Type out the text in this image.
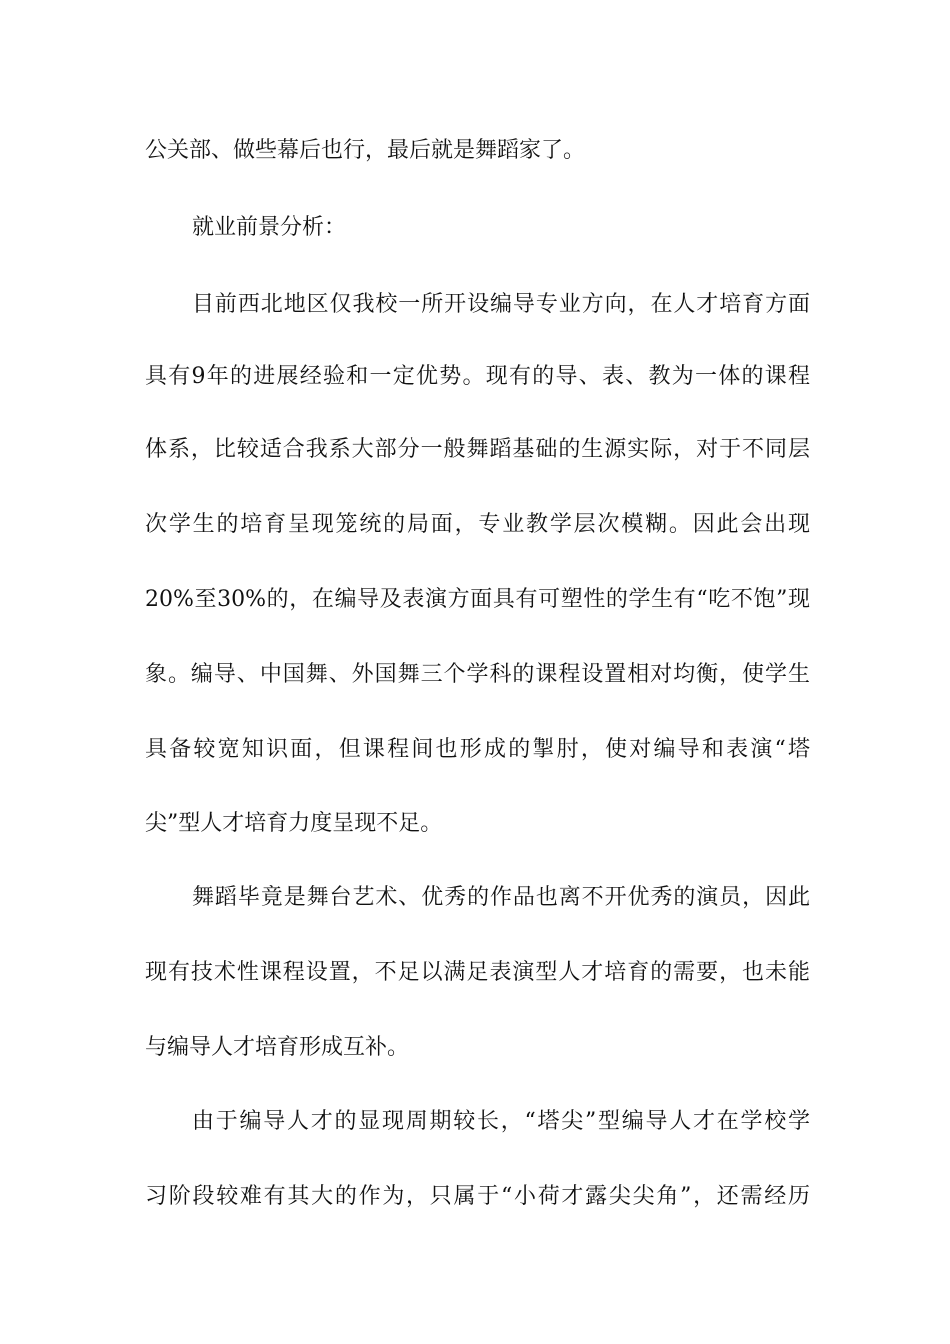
公关部、做些幕后也行，最后就是舞蹈家了。
就业前景分析：
目前西北地区仅我校一所开设编导专业方向，在人才培育方面
具有9年的进展经验和一定优势。现有的导、表、教为一体的课程
体系，比较适合我系大部分一般舞蹈基础的生源实际，对于不同层
次学生的培育呈现笼统的局面，专业教学层次模糊。因此会出现
20%至30%的，在编导及表演方面具有可塑性的学生有“吃不饱”现
象。编导、中国舞、外国舞三个学科的课程设置相对均衡，使学生
具备较宽知识面，但课程间也形成的掣肘，使对编导和表演“塔
尖”型人才培育力度呈现不足。
舞蹈毕竟是舞台艺术、优秀的作品也离不开优秀的演员，因此
现有技术性课程设置，不足以满足表演型人才培育的需要，也未能
与编导人才培育形成互补。
由于编导人才的显现周期较长，“塔尖”型编导人才在学校学
习阶段较难有其大的作为，只属于“小荷才露尖尖角”，还需经历
